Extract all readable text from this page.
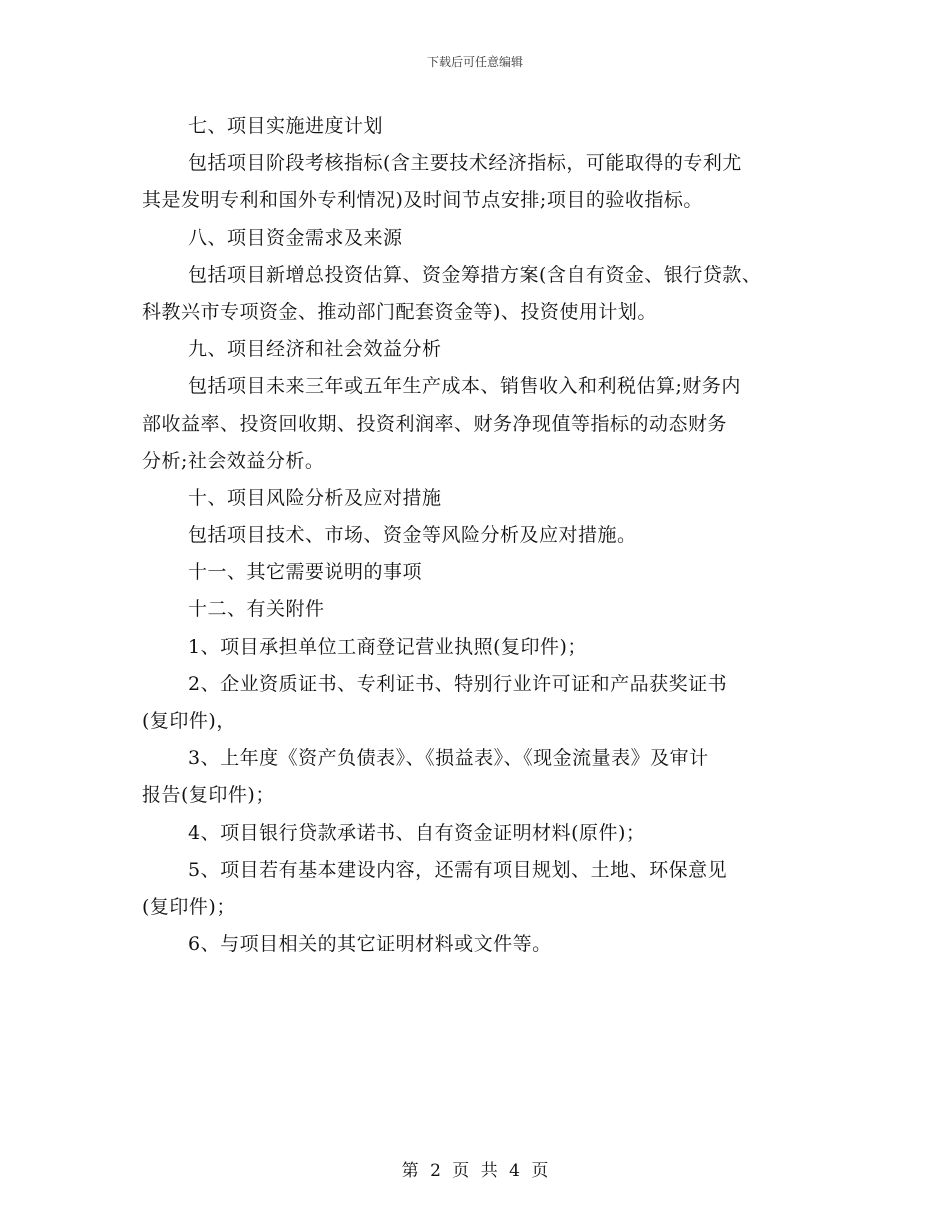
下载后可任意编辑
七、项目实施进度计划
包括项目阶段考核指标(含主要技术经济指标，可能取得的专利尤
其是发明专利和国外专利情况)及时间节点安排;项目的验收指标。
八、项目资金需求及来源
包括项目新增总投资估算、资金筹措方案(含自有资金、银行贷款、
科教兴市专项资金、推动部门配套资金等)、投资使用计划。
九、项目经济和社会效益分析
包括项目未来三年或五年生产成本、销售收入和利税估算;财务内
部收益率、投资回收期、投资利润率、财务净现值等指标的动态财务
分析;社会效益分析。
十、项目风险分析及应对措施
包括项目技术、市场、资金等风险分析及应对措施。
十一、其它需要说明的事项
十二、有关附件
1、项目承担单位工商登记营业执照(复印件)；
2、企业资质证书、专利证书、特别行业许可证和产品获奖证书
(复印件)，
3、上年度《资产负债表》、《损益表》、《现金流量表》及审计
报告(复印件)；
4、项目银行贷款承诺书、自有资金证明材料(原件)；
5、项目若有基本建设内容，还需有项目规划、土地、环保意见
(复印件)；
6、与项目相关的其它证明材料或文件等。
第 2 页 共 4 页
